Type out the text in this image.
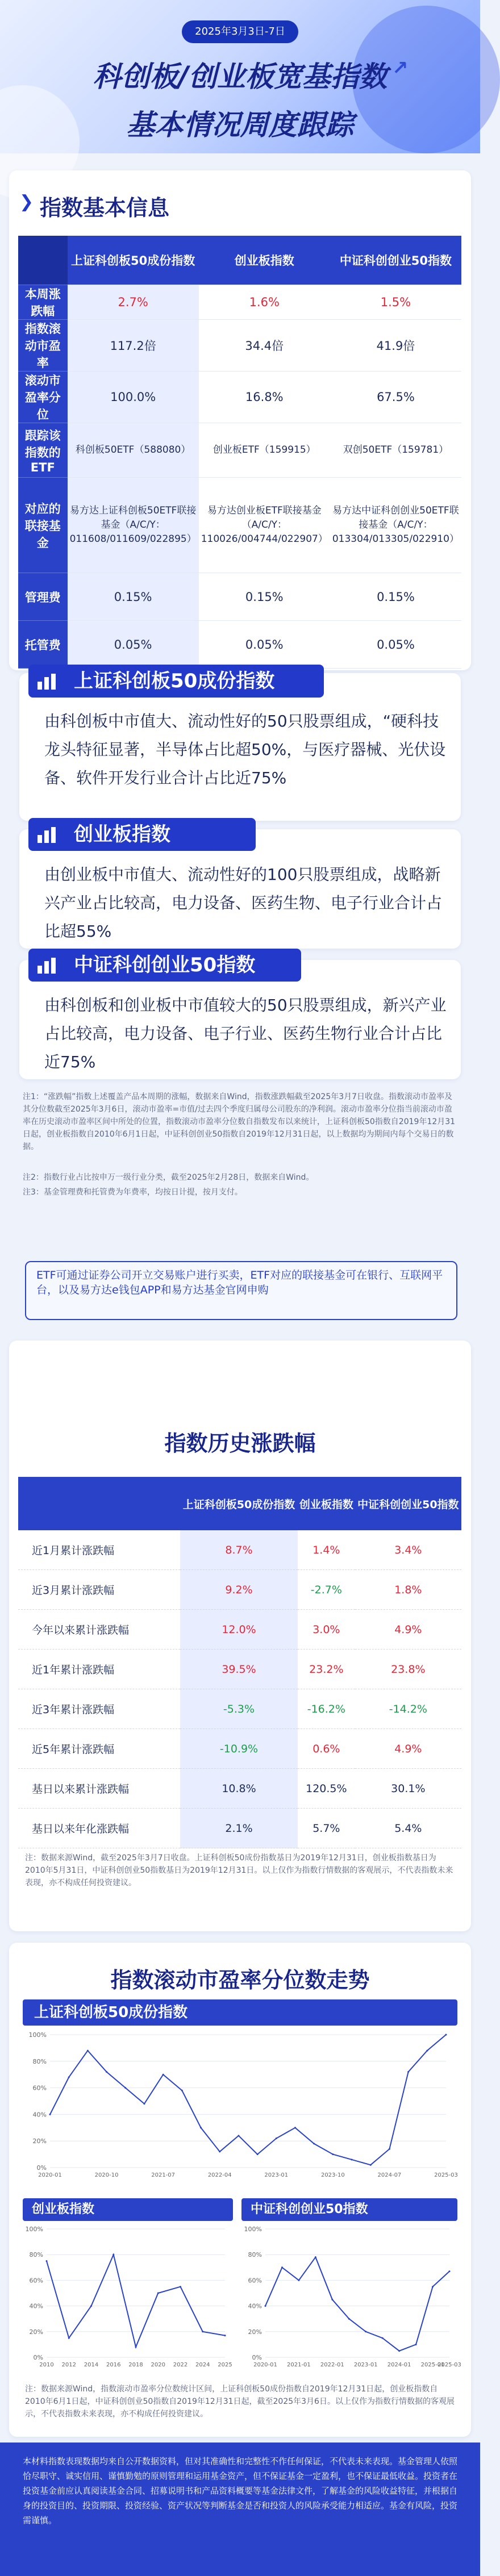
2025年3月3日-7日
科创板/创业板宽基指数 ↗
基本情况周度跟踪
指数基本信息
❯
	上证科创板50成份指数	创业板指数	中证科创创业50指数
本周涨跌幅	2.7%	1.6%	1.5%
指数滚动市盈率	117.2倍	34.4倍	41.9倍
滚动市盈率分位	100.0%	16.8%	67.5%
跟踪该指数的ETF	科创板50ETF（588080）	创业板ETF（159915）	双创50ETF（159781）
对应的联接基金	易方达上证科创板50ETF联接基金（A/C/Y：011608/011609/022895）	易方达创业板ETF联接基金（A/C/Y：110026/004744/022907）	易方达中证科创创业50ETF联接基金（A/C/Y：013304/013305/022910）
管理费	0.15%	0.15%	0.15%
托管费	0.05%	0.05%	0.05%
上证科创板50成份指数
由科创板中市值大、流动性好的50只股票组成，“硬科技龙头特征显著，半导体占比超50%，与医疗器械、光伏设备、软件开发行业合计占比近75%
创业板指数
由创业板中市值大、流动性好的100只股票组成，战略新兴产业占比较高，电力设备、医药生物、电子行业合计占比超55%
中证科创创业50指数
由科创板和创业板中市值较大的50只股票组成，新兴产业占比较高，电力设备、电子行业、医药生物行业合计占比近75%
注1：“涨跌幅”指数上述覆盖产品本周期的涨幅，数据来自Wind，指数涨跌幅截至2025年3月7日收盘。指数滚动市盈率及其分位数截至2025年3月6日，滚动市盈率=市值/过去四个季度归属母公司股东的净利润。滚动市盈率分位指当前滚动市盈率在历史滚动市盈率区间中所处的位置，指数滚动市盈率分位数自指数发布以来统计，上证科创板50指数自2019年12月31日起，创业板指数自2010年6月1日起，中证科创创业50指数自2019年12月31日起，以上数据均为期间内每个交易日的数据。
注2：指数行业占比按申万一级行业分类，截至2025年2月28日，数据来自Wind。
注3：基金管理费和托管费为年费率，均按日计提，按月支付。
ETF可通过证券公司开立交易账户进行买卖，ETF对应的联接基金可在银行、互联网平台，以及易方达e钱包APP和易方达基金官网申购
指数历史涨跌幅
	上证科创板50成份指数	创业板指数	中证科创创业50指数
近1月累计涨跌幅	8.7%	1.4%	3.4%
近3月累计涨跌幅	9.2%	-2.7%	1.8%
今年以来累计涨跌幅	12.0%	3.0%	4.9%
近1年累计涨跌幅	39.5%	23.2%	23.8%
近3年累计涨跌幅	-5.3%	-16.2%	-14.2%
近5年累计涨跌幅	-10.9%	0.6%	4.9%
基日以来累计涨跌幅	10.8%	120.5%	30.1%
基日以来年化涨跌幅	2.1%	5.7%	5.4%
注：数据来源Wind，截至2025年3月7日收盘。上证科创板50成份指数基日为2019年12月31日，创业板指数基日为2010年5月31日，中证科创创业50指数基日为2019年12月31日。以上仅作为指数行情数据的客观展示，不代表指数未来表现，亦不构成任何投资建议。
指数滚动市盈率分位数走势
上证科创板50成份指数
0%
20%
40%
60%
80%
100%
2020-01	2020-10	2021-07	2022-04	2023-01	2023-10	2024-07	2025-03
创业板指数
0%
20%
40%
60%
80%
100%
2010 2012 2014 2016 2018 2020 2022 2024 2025
中证科创创业50指数
0%
20%
40%
60%
80%
100%
2020-01 2021-01 2022-01 2023-01 2024-01 2025-01
2025-03
注：数据来源Wind，指数滚动市盈率分位数统计区间，上证科创板50成份指数自2019年12月31日起，创业板指数自2010年6月1日起，中证科创创业50指数自2019年12月31日起，截至2025年3月6日。以上仅作为指数行情数据的客观展示，不代表指数未来表现，亦不构成任何投资建议。

本材料指数表现数据均来自公开数据资料，但对其准确性和完整性不作任何保证，不代表未来表现。基金管理人依照恰尽职守、诚实信用、谨慎勤勉的原则管理和运用基金资产，但不保证基金一定盈利，也不保证最低收益。投资者在投资基金前应认真阅读基金合同、招募说明书和产品资料概要等基金法律文件，了解基金的风险收益特征，并根据自身的投资目的、投资期限、投资经验、资产状况等判断基金是否和投资人的风险承受能力相适应。基金有风险，投资需谨慎。
